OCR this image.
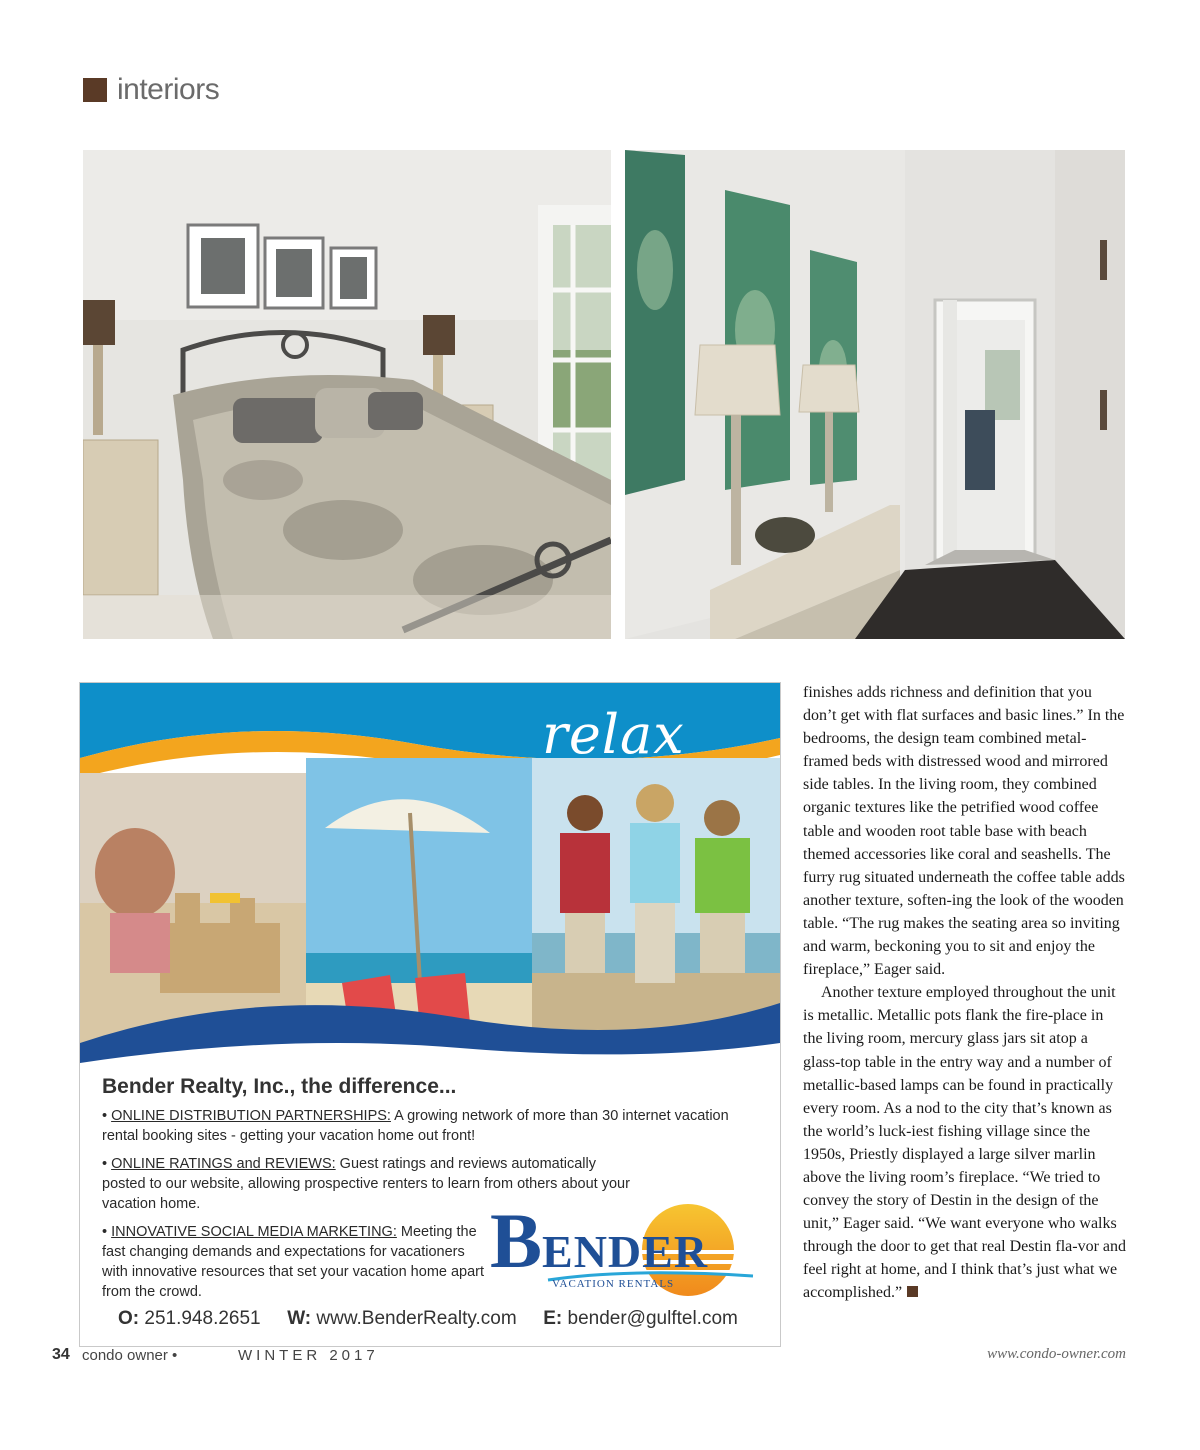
interiors
relax
Bender Realty, Inc., the difference...
• ONLINE DISTRIBUTION PARTNERSHIPS: A growing network of more than 30 internet vacation rental booking sites - getting your vacation home out front!
• ONLINE RATINGS and REVIEWS: Guest ratings and reviews automatically posted to our website, allowing prospective renters to learn from others about your vacation home.
• INNOVATIVE SOCIAL MEDIA MARKETING: Meeting the fast changing demands and expectations for vacationers with innovative resources that set your vacation home apart from the crowd.
BENDER
VACATION RENTALS
O: 251.948.2651 W: www.BenderRealty.com E: bender@gulftel.com

finishes adds richness and definition that you don’t get with flat surfaces and basic lines.” In the bedrooms, the design team combined metal-framed beds with distressed wood and mirrored side tables. In the living room, they combined organic textures like the petrified wood coffee table and wooden root table base with beach themed accessories like coral and seashells. The furry rug situated underneath the coffee table adds another texture, soften-ing the look of the wooden table. “The rug makes the seating area so inviting and warm, beckoning you to sit and enjoy the fireplace,” Eager said.

Another texture employed throughout the unit is metallic. Metallic pots flank the fire-place in the living room, mercury glass jars sit atop a glass-top table in the entry way and a number of metallic-based lamps can be found in practically every room. As a nod to the city that’s known as the world’s luck-iest fishing village since the 1950s, Priestly displayed a large silver marlin above the living room’s fireplace. “We tried to convey the story of Destin in the design of the unit,” Eager said. “We want everyone who walks through the door to get that real Destin fla-vor and feel right at home, and I think that’s just what we accomplished.”

34 condo owner •	WINTER 2017	www.condo-owner.com
